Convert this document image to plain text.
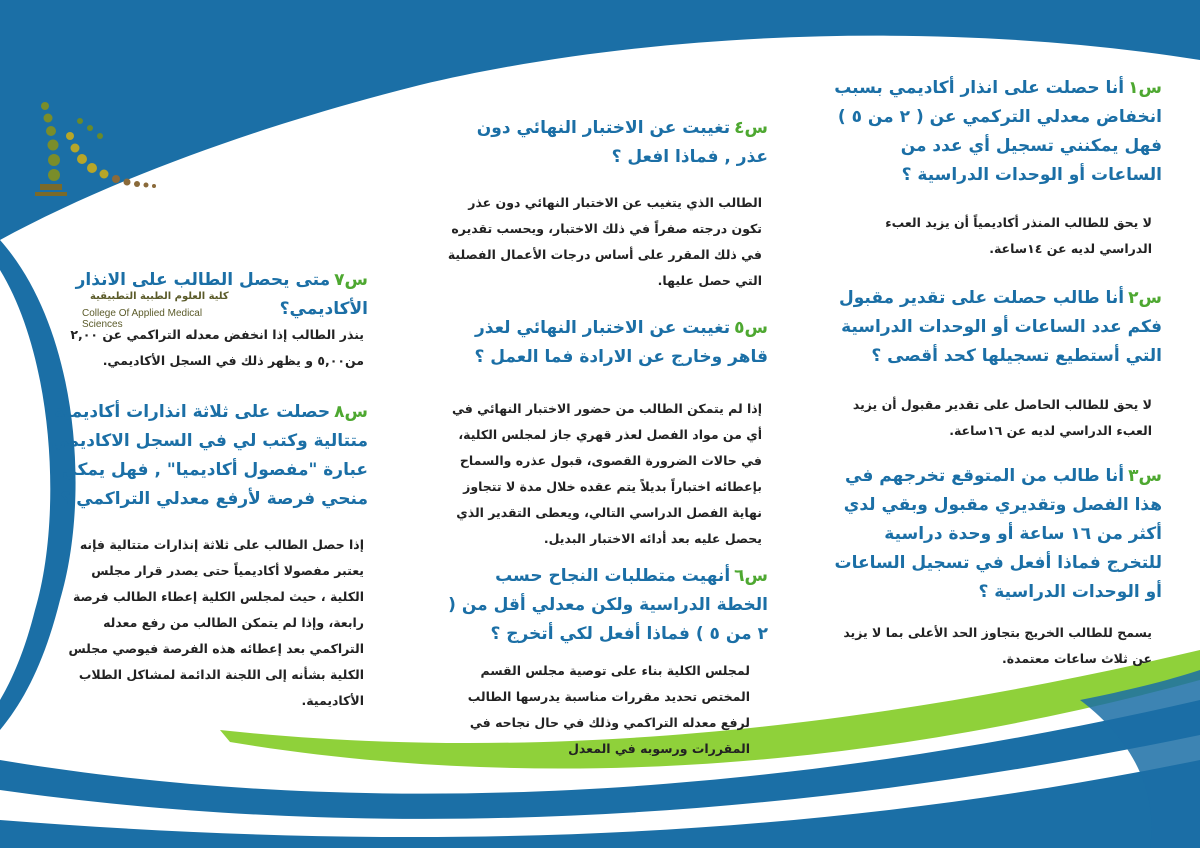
كلية العلوم الطبية التطبيقية
College Of Applied Medical Sciences
س١أنا حصلت على انذار أكاديمي بسبب انخفاض معدلي التركمي عن ( ٢ من ٥ ) فهل يمكنني تسجيل أي عدد من الساعات أو الوحدات الدراسية ؟
لا يحق للطالب المنذر أكاديمياً أن يزيد العبء الدراسي لديه عن ١٤ساعة.
س٢أنا طالب حصلت على تقدير مقبول فكم عدد الساعات أو الوحدات الدراسية التي أستطيع تسجيلها كحد أقصى ؟
لا يحق للطالب الحاصل على تقدير مقبول أن يزيد العبء الدراسي لديه عن ١٦ساعة.
س٣أنا طالب من المتوقع تخرجهم في هذا الفصل وتقديري مقبول وبقي لدي أكثر من ١٦ ساعة أو وحدة دراسية للتخرج فماذا أفعل في تسجيل الساعات أو الوحدات الدراسية ؟
يسمح للطالب الخريج بتجاوز الحد الأعلى بما لا يزيد عن ثلاث ساعات معتمدة.
س٤تغيبت عن الاختبار النهائي دون عذر , فماذا افعل ؟
الطالب الذي يتغيب عن الاختبار النهائي دون عذر تكون درجته صفراً في ذلك الاختبار، ويحسب تقديره في ذلك المقرر على أساس درجات الأعمال الفصلية التي حصل عليها.
س٥تغيبت عن الاختبار النهائي لعذر قاهر وخارج عن الارادة فما العمل ؟
إذا لم يتمكن الطالب من حضور الاختبار النهائي في أي من مواد الفصل لعذر قهري جاز لمجلس الكلية، في حالات الضرورة القصوى، قبول عذره والسماح بإعطائه اختباراً بديلاً يتم عقده خلال مدة لا تتجاوز نهاية الفصل الدراسي التالي، ويعطى التقدير الذي يحصل عليه بعد أدائه الاختبار البديل.
س٦أنهيت متطلبات النجاح حسب الخطة الدراسية ولكن معدلي أقل من ( ٢ من ٥ ) فماذا أفعل لكي أتخرج ؟
لمجلس الكلية بناء على توصية مجلس القسم المختص تحديد مقررات مناسبة يدرسها الطالب لرفع معدله التراكمي وذلك في حال نجاحه في المقررات ورسوبه في المعدل
س٧متى يحصل الطالب على الانذار الأكاديمي؟
ينذر الطالب إذا انخفض معدله التراكمي عن ٢,٠٠ من٥,٠٠ و يظهر ذلك في السجل الأكاديمي.
س٨حصلت على ثلاثة انذارات أكاديمية متتالية وكتب لي في السجل الاكاديمي عبارة "مفصول أكاديميا" , فهل يمكن منحي فرصة لأرفع معدلي التراكمي ؟
إذا حصل الطالب على ثلاثة إنذارات متتالية فإنه يعتبر مفصولا أكاديمياً حتى يصدر قرار مجلس الكلية ، حيث لمجلس الكلية إعطاء الطالب فرصة رابعة، وإذا لم يتمكن الطالب من رفع معدله التراكمي بعد إعطائه هذه الفرصة فيوصي مجلس الكلية بشأنه إلى اللجنة الدائمة لمشاكل الطلاب الأكاديمية.
